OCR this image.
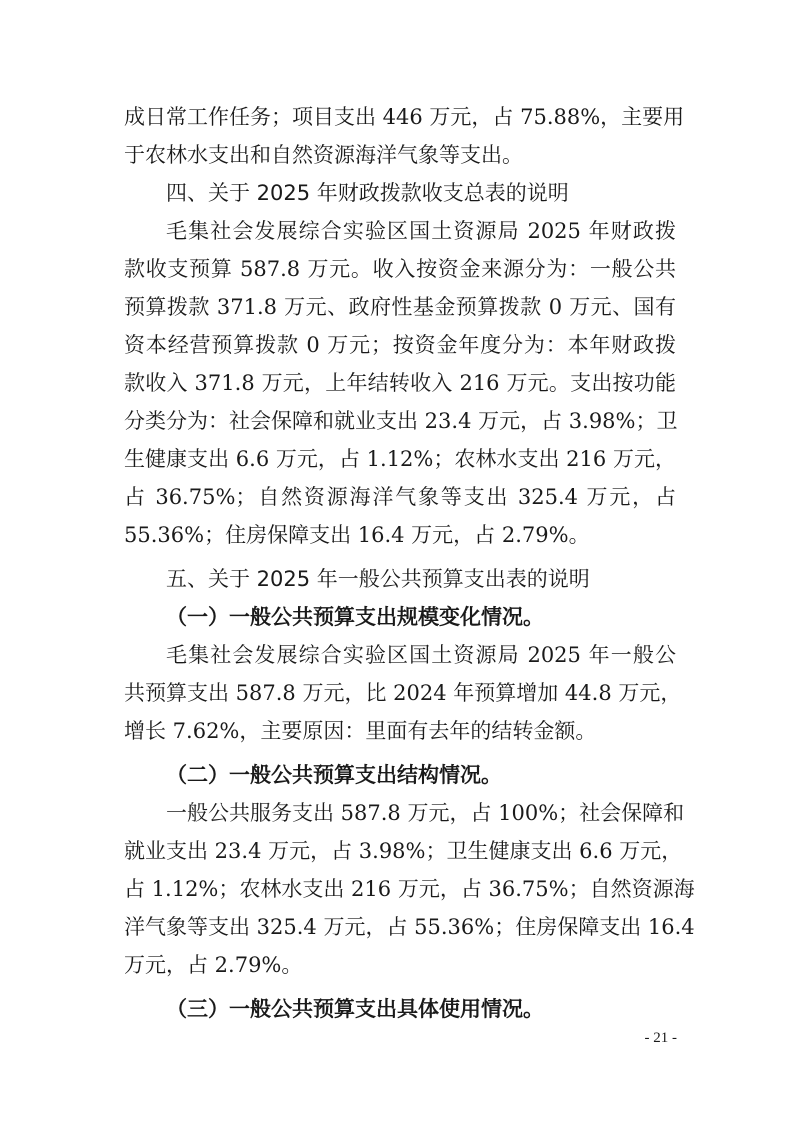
成日常工作任务；项目支出 446 万元，占 75.88%，主要用

于农林水支出和自然资源海洋气象等支出。

四、关于 2025 年财政拨款收支总表的说明

毛集社会发展综合实验区国土资源局 2025 年财政拨

款收支预算 587.8 万元。收入按资金来源分为：一般公共

预算拨款 371.8 万元、政府性基金预算拨款 0 万元、国有

资本经营预算拨款 0 万元；按资金年度分为：本年财政拨

款收入 371.8 万元，上年结转收入 216 万元。支出按功能

分类分为：社会保障和就业支出 23.4 万元，占 3.98%；卫

生健康支出 6.6 万元，占 1.12%；农林水支出 216 万元，

占 36.75%；自然资源海洋气象等支出 325.4 万元，占

55.36%；住房保障支出 16.4 万元，占 2.79%。

五、关于 2025 年一般公共预算支出表的说明

（一）一般公共预算支出规模变化情况。

毛集社会发展综合实验区国土资源局 2025 年一般公

共预算支出 587.8 万元，比 2024 年预算增加 44.8 万元，

增长 7.62%，主要原因：里面有去年的结转金额。

（二）一般公共预算支出结构情况。

一般公共服务支出 587.8 万元，占 100%；社会保障和

就业支出 23.4 万元，占 3.98%；卫生健康支出 6.6 万元，

占 1.12%；农林水支出 216 万元，占 36.75%；自然资源海

洋气象等支出 325.4 万元，占 55.36%；住房保障支出 16.4

万元，占 2.79%。

（三）一般公共预算支出具体使用情况。

- 21 -
